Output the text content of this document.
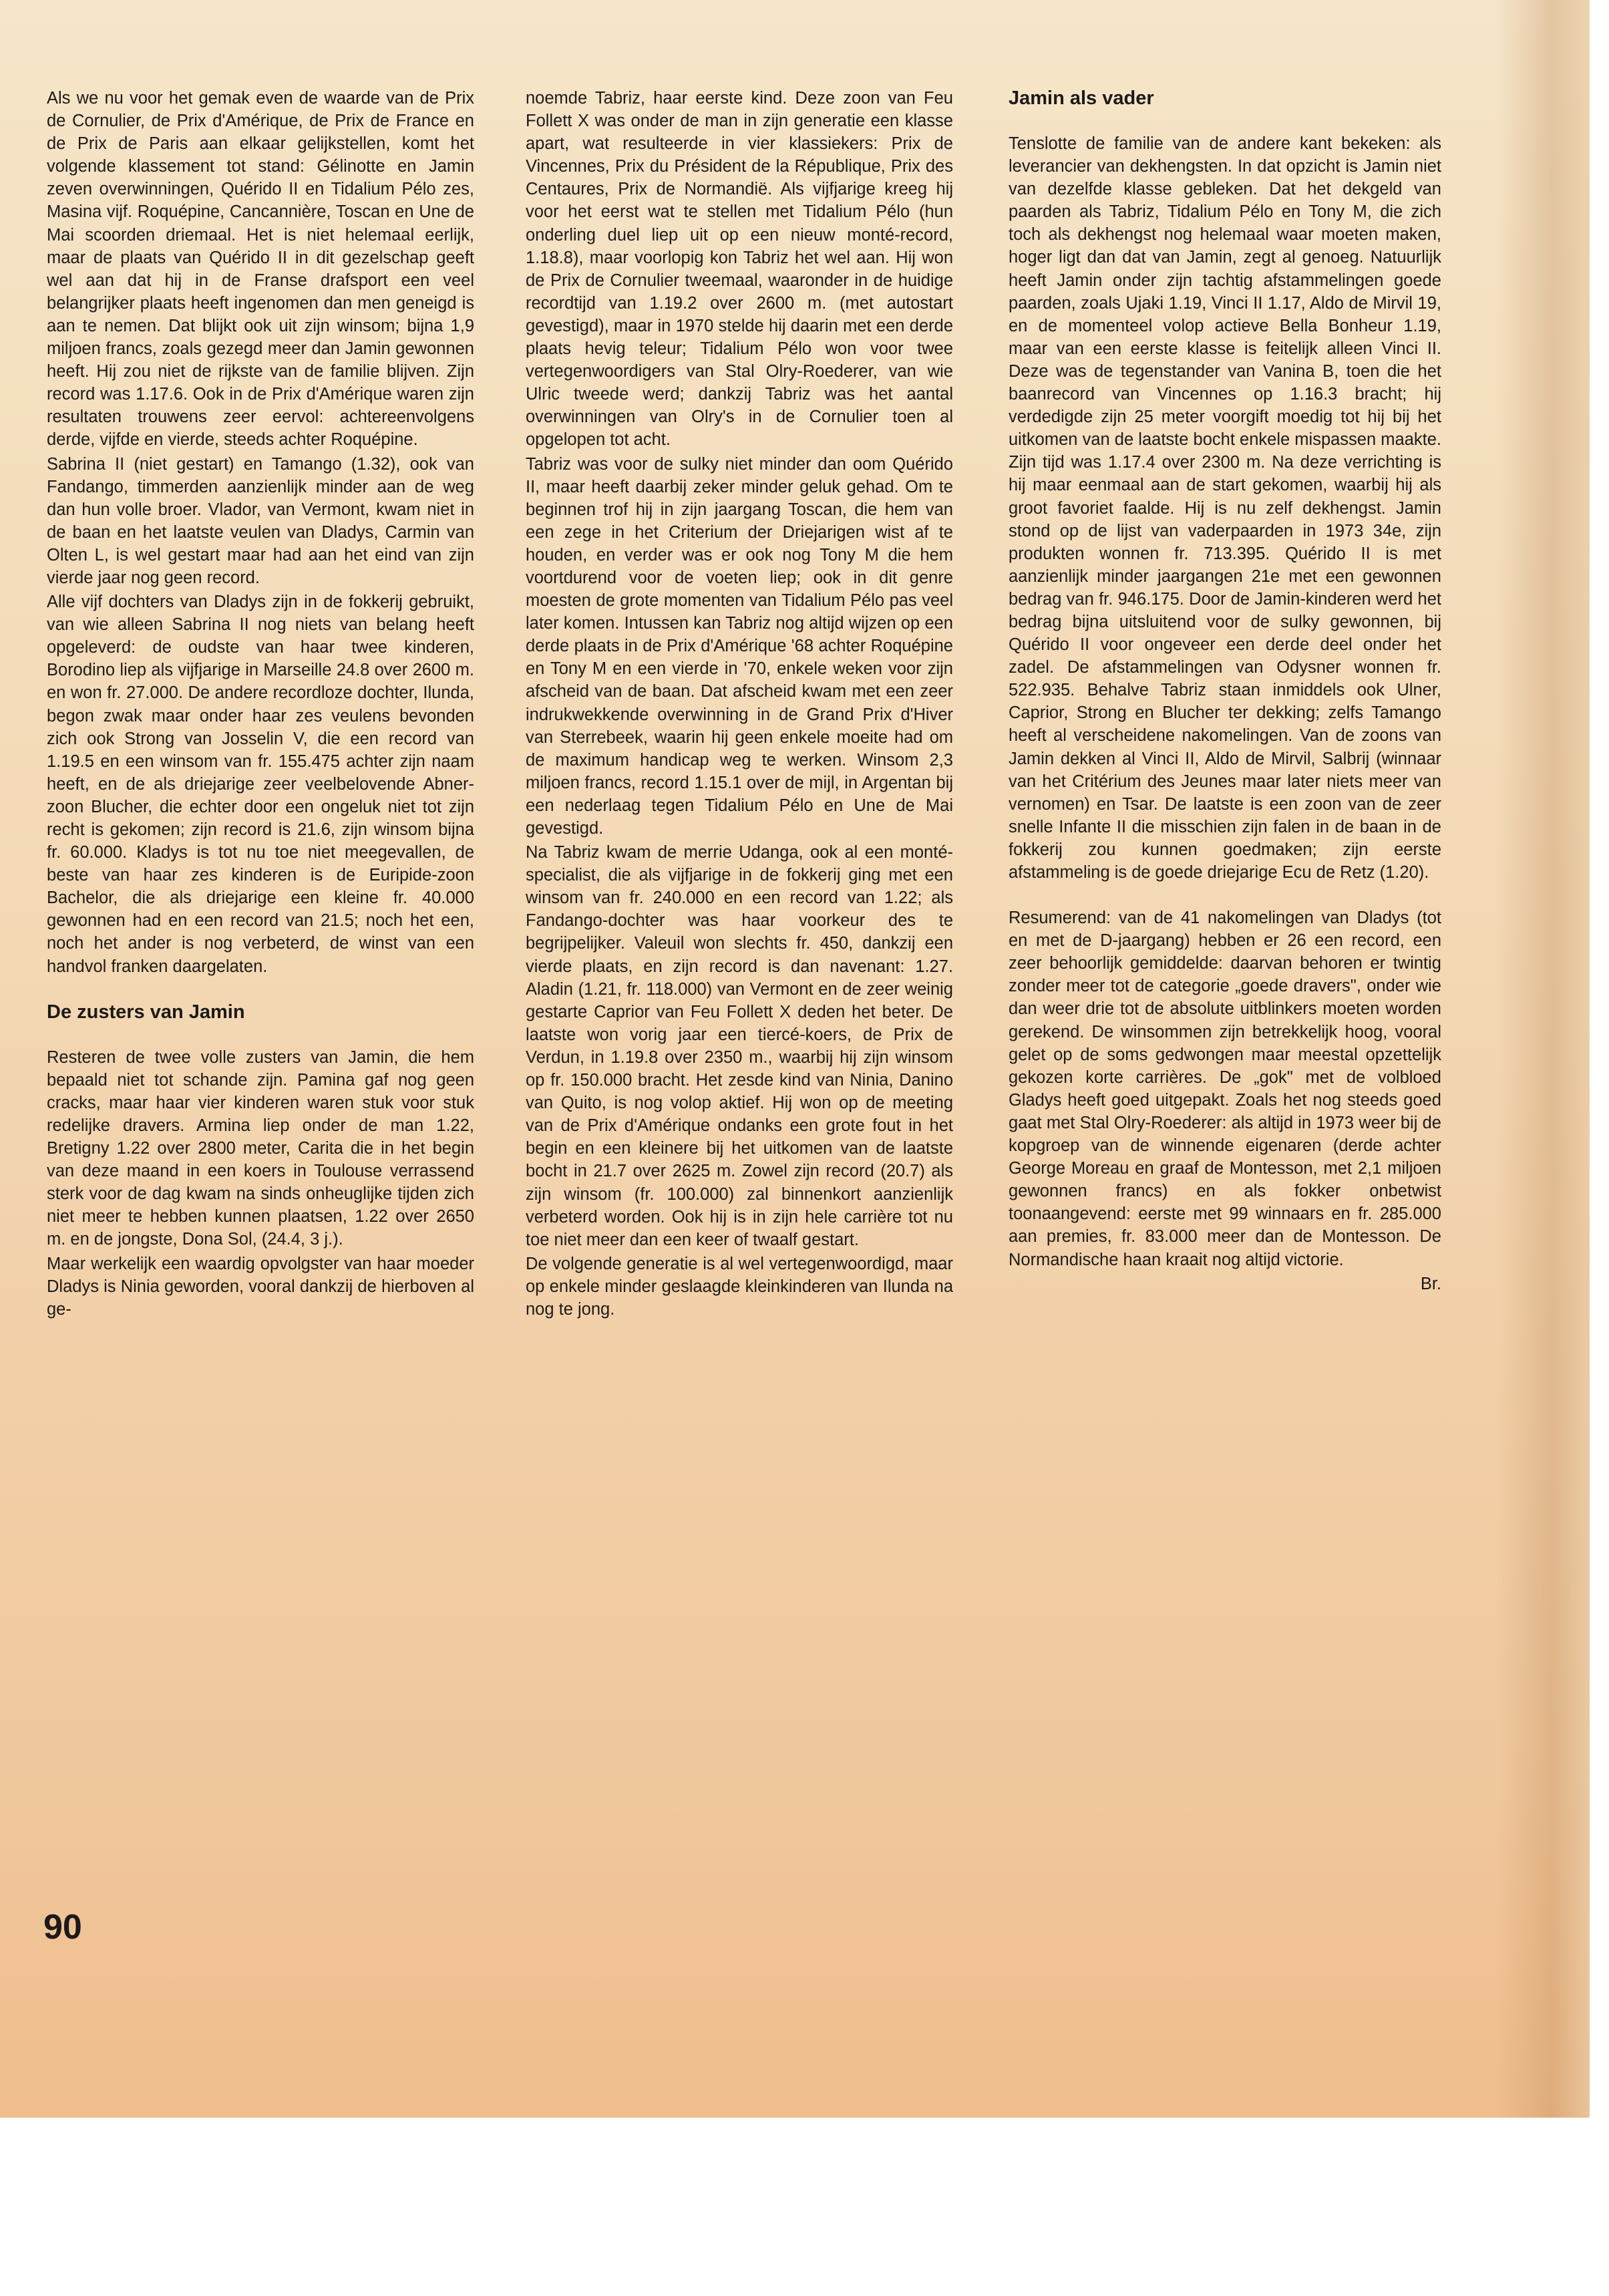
Als we nu voor het gemak even de waarde van de Prix de Cornulier, de Prix d'Amérique, de Prix de France en de Prix de Paris aan elkaar gelijkstellen, komt het volgende klassement tot stand: Gélinotte en Jamin zeven overwinningen, Quérido II en Tidalium Pélo zes, Masina vijf. Roquépine, Cancannière, Toscan en Une de Mai scoorden driemaal. Het is niet helemaal eerlijk, maar de plaats van Quérido II in dit gezelschap geeft wel aan dat hij in de Franse drafsport een veel belangrijker plaats heeft ingenomen dan men geneigd is aan te nemen. Dat blijkt ook uit zijn winsom; bijna 1,9 miljoen francs, zoals gezegd meer dan Jamin gewonnen heeft. Hij zou niet de rijkste van de familie blijven. Zijn record was 1.17.6. Ook in de Prix d'Amérique waren zijn resultaten trouwens zeer eervol: achtereenvolgens derde, vijfde en vierde, steeds achter Roquépine.

Sabrina II (niet gestart) en Tamango (1.32), ook van Fandango, timmerden aanzienlijk minder aan de weg dan hun volle broer. Vlador, van Vermont, kwam niet in de baan en het laatste veulen van Dladys, Carmin van Olten L, is wel gestart maar had aan het eind van zijn vierde jaar nog geen record.

Alle vijf dochters van Dladys zijn in de fokkerij gebruikt, van wie alleen Sabrina II nog niets van belang heeft opgeleverd: de oudste van haar twee kinderen, Borodino liep als vijfjarige in Marseille 24.8 over 2600 m. en won fr. 27.000. De andere recordloze dochter, Ilunda, begon zwak maar onder haar zes veulens bevonden zich ook Strong van Josselin V, die een record van 1.19.5 en een winsom van fr. 155.475 achter zijn naam heeft, en de als driejarige zeer veelbelovende Abner-zoon Blucher, die echter door een ongeluk niet tot zijn recht is gekomen; zijn record is 21.6, zijn winsom bijna fr. 60.000. Kladys is tot nu toe niet meegevallen, de beste van haar zes kinderen is de Euripide-zoon Bachelor, die als driejarige een kleine fr. 40.000 gewonnen had en een record van 21.5; noch het een, noch het ander is nog verbeterd, de winst van een handvol franken daargelaten.

De zusters van Jamin

Resteren de twee volle zusters van Jamin, die hem bepaald niet tot schande zijn. Pamina gaf nog geen cracks, maar haar vier kinderen waren stuk voor stuk redelijke dravers. Armina liep onder de man 1.22, Bretigny 1.22 over 2800 meter, Carita die in het begin van deze maand in een koers in Toulouse verrassend sterk voor de dag kwam na sinds onheuglijke tijden zich niet meer te hebben kunnen plaatsen, 1.22 over 2650 m. en de jongste, Dona Sol, (24.4, 3 j.).

Maar werkelijk een waardig opvolgster van haar moeder Dladys is Ninia geworden, vooral dankzij de hierboven al ge-

noemde Tabriz, haar eerste kind. Deze zoon van Feu Follett X was onder de man in zijn generatie een klasse apart, wat resulteerde in vier klassiekers: Prix de Vincennes, Prix du Président de la République, Prix des Centaures, Prix de Normandië. Als vijfjarige kreeg hij voor het eerst wat te stellen met Tidalium Pélo (hun onderling duel liep uit op een nieuw monté-record, 1.18.8), maar voorlopig kon Tabriz het wel aan. Hij won de Prix de Cornulier tweemaal, waaronder in de huidige recordtijd van 1.19.2 over 2600 m. (met autostart gevestigd), maar in 1970 stelde hij daarin met een derde plaats hevig teleur; Tidalium Pélo won voor twee vertegenwoordigers van Stal Olry-Roederer, van wie Ulric tweede werd; dankzij Tabriz was het aantal overwinningen van Olry's in de Cornulier toen al opgelopen tot acht.

Tabriz was voor de sulky niet minder dan oom Quérido II, maar heeft daarbij zeker minder geluk gehad. Om te beginnen trof hij in zijn jaargang Toscan, die hem van een zege in het Criterium der Driejarigen wist af te houden, en verder was er ook nog Tony M die hem voortdurend voor de voeten liep; ook in dit genre moesten de grote momenten van Tidalium Pélo pas veel later komen. Intussen kan Tabriz nog altijd wijzen op een derde plaats in de Prix d'Amérique '68 achter Roquépine en Tony M en een vierde in '70, enkele weken voor zijn afscheid van de baan. Dat afscheid kwam met een zeer indrukwekkende overwinning in de Grand Prix d'Hiver van Sterrebeek, waarin hij geen enkele moeite had om de maximum handicap weg te werken. Winsom 2,3 miljoen francs, record 1.15.1 over de mijl, in Argentan bij een nederlaag tegen Tidalium Pélo en Une de Mai gevestigd.

Na Tabriz kwam de merrie Udanga, ook al een monté-specialist, die als vijfjarige in de fokkerij ging met een winsom van fr. 240.000 en een record van 1.22; als Fandango-dochter was haar voorkeur des te begrijpelijker. Valeuil won slechts fr. 450, dankzij een vierde plaats, en zijn record is dan navenant: 1.27. Aladin (1.21, fr. 118.000) van Vermont en de zeer weinig gestarte Caprior van Feu Follett X deden het beter. De laatste won vorig jaar een tiercé-koers, de Prix de Verdun, in 1.19.8 over 2350 m., waarbij hij zijn winsom op fr. 150.000 bracht. Het zesde kind van Ninia, Danino van Quito, is nog volop aktief. Hij won op de meeting van de Prix d'Amérique ondanks een grote fout in het begin en een kleinere bij het uitkomen van de laatste bocht in 21.7 over 2625 m. Zowel zijn record (20.7) als zijn winsom (fr. 100.000) zal binnenkort aanzienlijk verbeterd worden. Ook hij is in zijn hele carrière tot nu toe niet meer dan een keer of twaalf gestart.

De volgende generatie is al wel vertegenwoordigd, maar op enkele minder geslaagde kleinkinderen van Ilunda na nog te jong.

Jamin als vader

Tenslotte de familie van de andere kant bekeken: als leverancier van dekhengsten. In dat opzicht is Jamin niet van dezelfde klasse gebleken. Dat het dekgeld van paarden als Tabriz, Tidalium Pélo en Tony M, die zich toch als dekhengst nog helemaal waar moeten maken, hoger ligt dan dat van Jamin, zegt al genoeg. Natuurlijk heeft Jamin onder zijn tachtig afstammelingen goede paarden, zoals Ujaki 1.19, Vinci II 1.17, Aldo de Mirvil 19, en de momenteel volop actieve Bella Bonheur 1.19, maar van een eerste klasse is feitelijk alleen Vinci II. Deze was de tegenstander van Vanina B, toen die het baanrecord van Vincennes op 1.16.3 bracht; hij verdedigde zijn 25 meter voorgift moedig tot hij bij het uitkomen van de laatste bocht enkele mispassen maakte. Zijn tijd was 1.17.4 over 2300 m. Na deze verrichting is hij maar eenmaal aan de start gekomen, waarbij hij als groot favoriet faalde. Hij is nu zelf dekhengst. Jamin stond op de lijst van vaderpaarden in 1973 34e, zijn produkten wonnen fr. 713.395. Quérido II is met aanzienlijk minder jaargangen 21e met een gewonnen bedrag van fr. 946.175. Door de Jamin-kinderen werd het bedrag bijna uitsluitend voor de sulky gewonnen, bij Quérido II voor ongeveer een derde deel onder het zadel. De afstammelingen van Odysner wonnen fr. 522.935. Behalve Tabriz staan inmiddels ook Ulner, Caprior, Strong en Blucher ter dekking; zelfs Tamango heeft al verscheidene nakomelingen. Van de zoons van Jamin dekken al Vinci II, Aldo de Mirvil, Salbrij (winnaar van het Critérium des Jeunes maar later niets meer van vernomen) en Tsar. De laatste is een zoon van de zeer snelle Infante II die misschien zijn falen in de baan in de fokkerij zou kunnen goedmaken; zijn eerste afstammeling is de goede driejarige Ecu de Retz (1.20).

Resumerend: van de 41 nakomelingen van Dladys (tot en met de D-jaargang) hebben er 26 een record, een zeer behoorlijk gemiddelde: daarvan behoren er twintig zonder meer tot de categorie „goede dravers", onder wie dan weer drie tot de absolute uitblinkers moeten worden gerekend. De winsommen zijn betrekkelijk hoog, vooral gelet op de soms gedwongen maar meestal opzettelijk gekozen korte carrières. De „gok" met de volbloed Gladys heeft goed uitgepakt. Zoals het nog steeds goed gaat met Stal Olry-Roederer: als altijd in 1973 weer bij de kopgroep van de winnende eigenaren (derde achter George Moreau en graaf de Montesson, met 2,1 miljoen gewonnen francs) en als fokker onbetwist toonaangevend: eerste met 99 winnaars en fr. 285.000 aan premies, fr. 83.000 meer dan de Montesson. De Normandische haan kraait nog altijd victorie.

Br.

90
